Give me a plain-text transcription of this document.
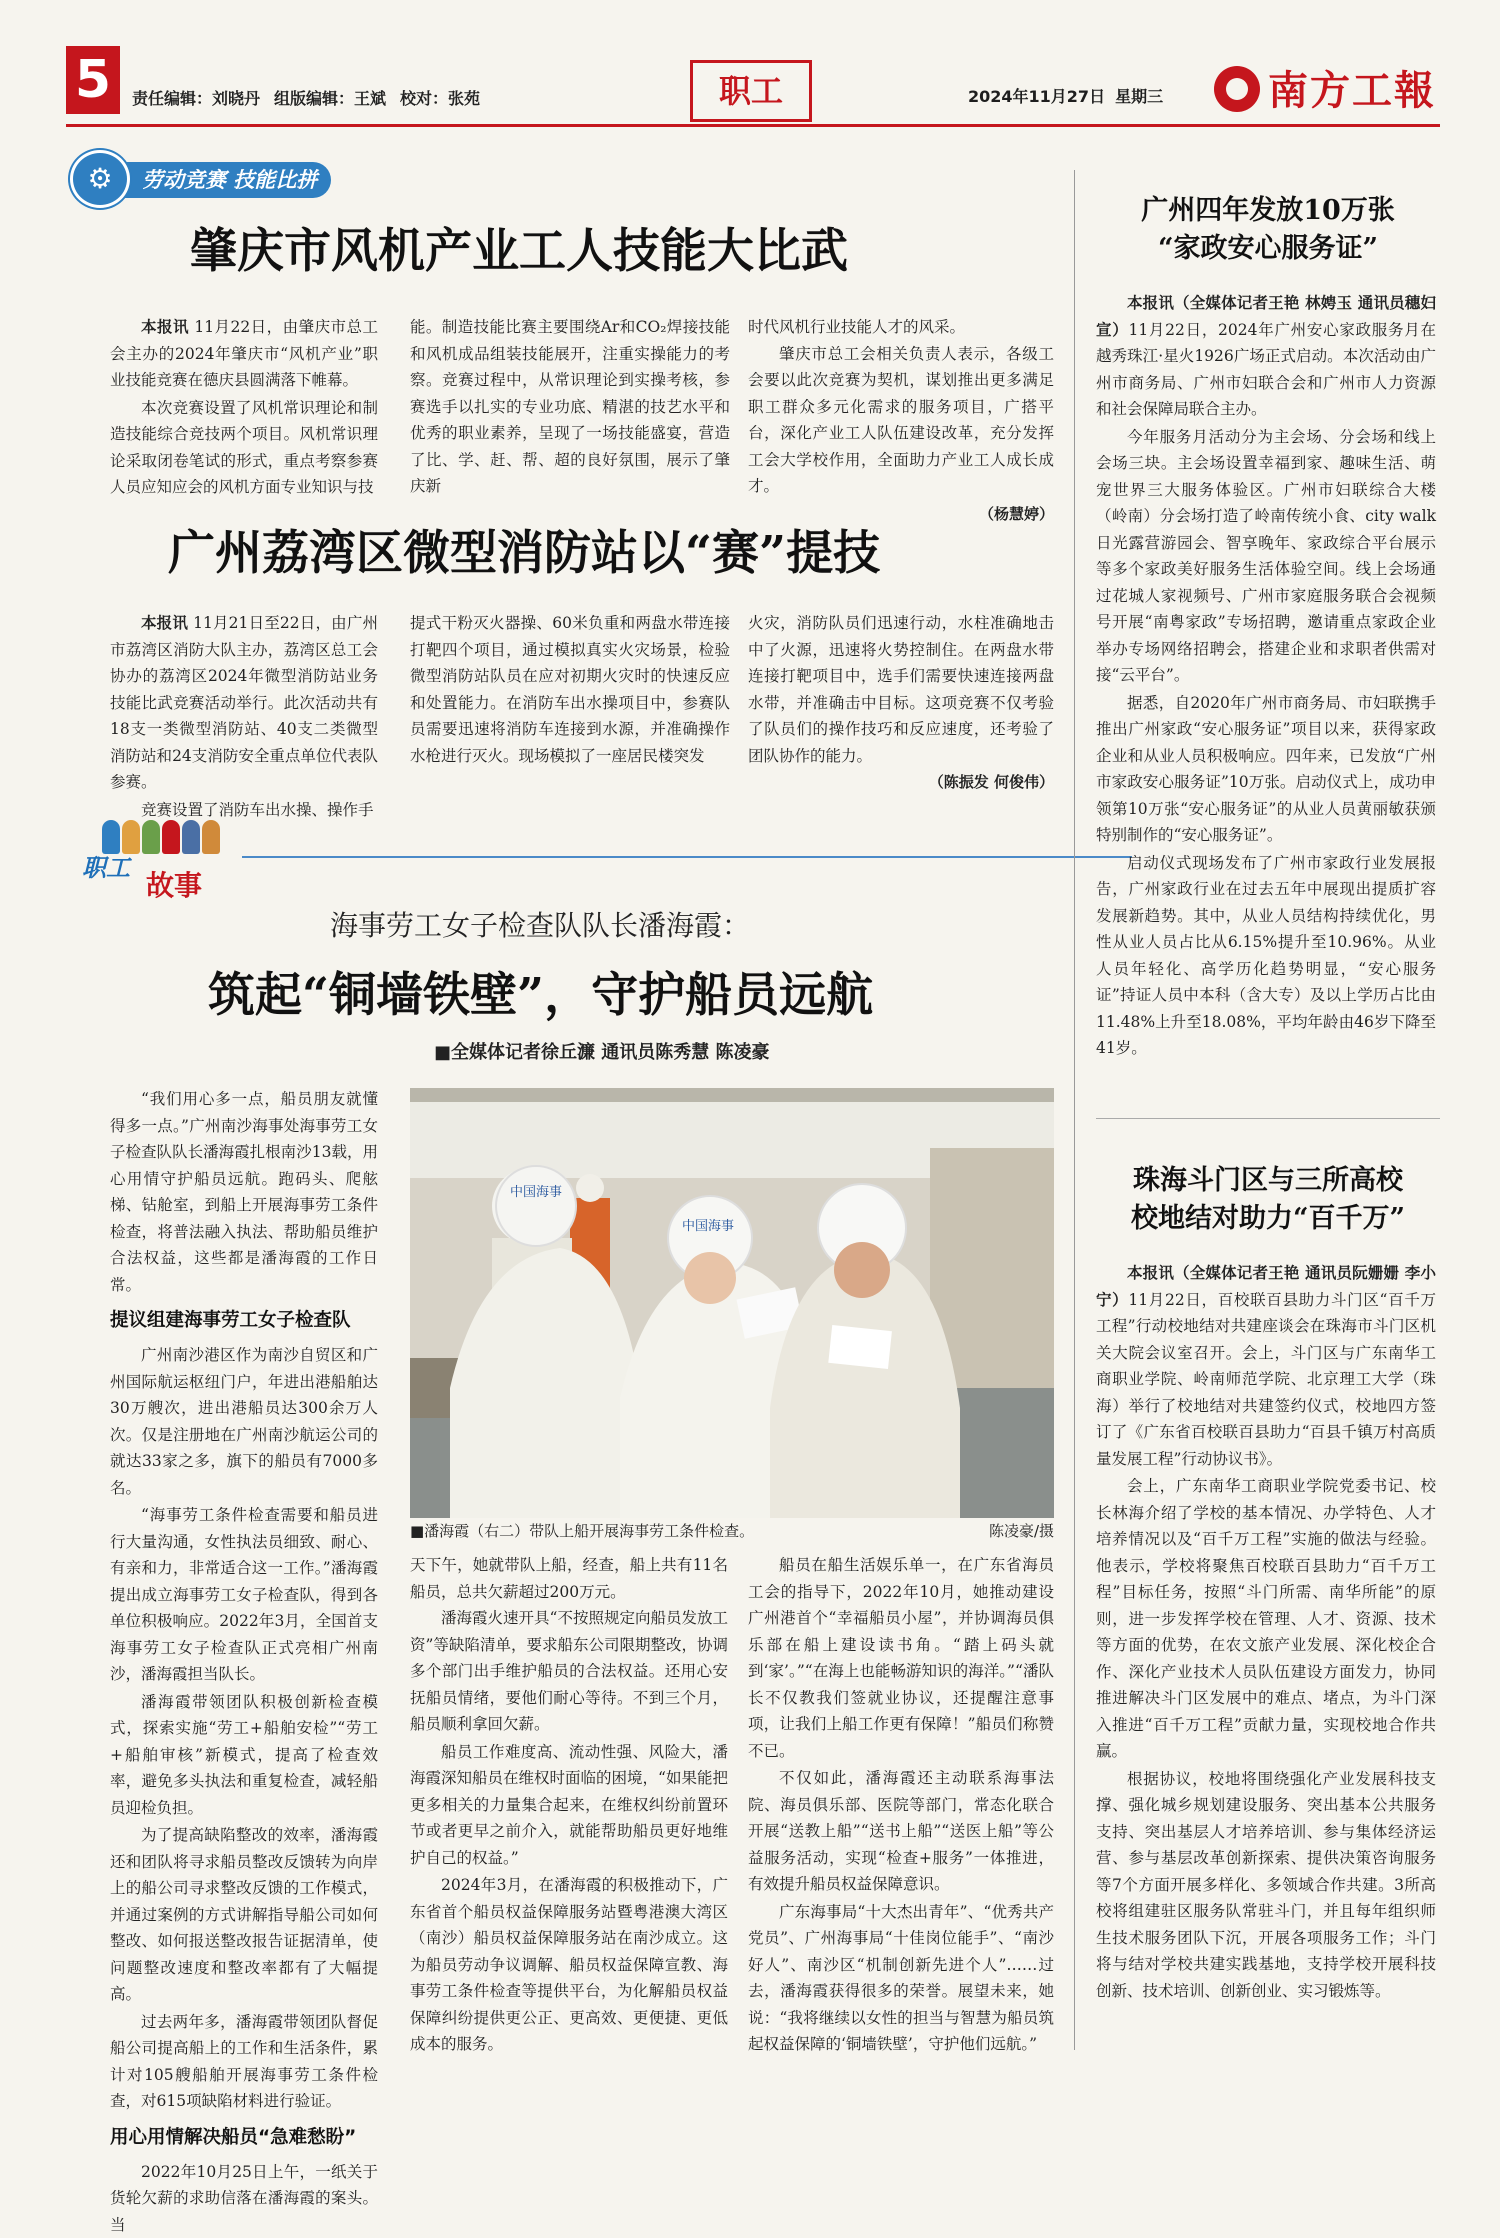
5	责任编辑：刘晓丹 组版编辑：王斌 校对：张苑	职工	2024年11月27日 星期三	南方工報
劳动竞赛 技能比拼
⚙
肇庆市风机产业工人技能大比武

本报讯 11月22日，由肇庆市总工会主办的2024年肇庆市“风机产业”职业技能竞赛在德庆县圆满落下帷幕。

本次竞赛设置了风机常识理论和制造技能综合竞技两个项目。风机常识理论采取闭卷笔试的形式，重点考察参赛人员应知应会的风机方面专业知识与技

能。制造技能比赛主要围绕Ar和CO₂焊接技能和风机成品组装技能展开，注重实操能力的考察。竞赛过程中，从常识理论到实操考核，参赛选手以扎实的专业功底、精湛的技艺水平和优秀的职业素养，呈现了一场技能盛宴，营造了比、学、赶、帮、超的良好氛围，展示了肇庆新

时代风机行业技能人才的风采。

肇庆市总工会相关负责人表示，各级工会要以此次竞赛为契机，谋划推出更多满足职工群众多元化需求的服务项目，广搭平台，深化产业工人队伍建设改革，充分发挥工会大学校作用，全面助力产业工人成长成才。

（杨慧婷）
广州荔湾区微型消防站以“赛”提技

本报讯 11月21日至22日，由广州市荔湾区消防大队主办，荔湾区总工会协办的荔湾区2024年微型消防站业务技能比武竞赛活动举行。此次活动共有18支一类微型消防站、40支二类微型消防站和24支消防安全重点单位代表队参赛。

竞赛设置了消防车出水操、操作手

提式干粉灭火器操、60米负重和两盘水带连接打靶四个项目，通过模拟真实火灾场景，检验微型消防站队员在应对初期火灾时的快速反应和处置能力。在消防车出水操项目中，参赛队员需要迅速将消防车连接到水源，并准确操作水枪进行灭火。现场模拟了一座居民楼突发

火灾，消防队员们迅速行动，水柱准确地击中了火源，迅速将火势控制住。在两盘水带连接打靶项目中，选手们需要快速连接两盘水带，并准确击中目标。这项竞赛不仅考验了队员们的操作技巧和反应速度，还考验了团队协作的能力。

（陈振发 何俊伟）
职工
故事
海事劳工女子检查队队长潘海霞：
筑起“铜墙铁壁”，守护船员远航
■全媒体记者徐丘濂 通讯员陈秀慧 陈凌豪

“我们用心多一点，船员朋友就懂得多一点。”广州南沙海事处海事劳工女子检查队队长潘海霞扎根南沙13载，用心用情守护船员远航。跑码头、爬舷梯、钻舱室，到船上开展海事劳工条件检查，将普法融入执法、帮助船员维护合法权益，这些都是潘海霞的工作日常。

提议组建海事劳工女子检查队

广州南沙港区作为南沙自贸区和广州国际航运枢纽门户，年进出港船舶达30万艘次，进出港船员达300余万人次。仅是注册地在广州南沙航运公司的就达33家之多，旗下的船员有7000多名。

“海事劳工条件检查需要和船员进行大量沟通，女性执法员细致、耐心、有亲和力，非常适合这一工作。”潘海霞提出成立海事劳工女子检查队，得到各单位积极响应。2022年3月，全国首支海事劳工女子检查队正式亮相广州南沙，潘海霞担当队长。

潘海霞带领团队积极创新检查模式，探索实施“劳工+船舶安检”“劳工+船舶审核”新模式，提高了检查效率，避免多头执法和重复检查，减轻船员迎检负担。

为了提高缺陷整改的效率，潘海霞还和团队将寻求船员整改反馈转为向岸上的船公司寻求整改反馈的工作模式，并通过案例的方式讲解指导船公司如何整改、如何报送整改报告证据清单，使问题整改速度和整改率都有了大幅提高。

过去两年多，潘海霞带领团队督促船公司提高船上的工作和生活条件，累计对105艘船舶开展海事劳工条件检查，对615项缺陷材料进行验证。

用心用情解决船员“急难愁盼”

2022年10月25日上午，一纸关于货轮欠薪的求助信落在潘海霞的案头。当

中国海事
中国海事
■潘海霞（右二）带队上船开展海事劳工条件检查。	陈凌豪/摄

天下午，她就带队上船，经查，船上共有11名船员，总共欠薪超过200万元。

潘海霞火速开具“不按照规定向船员发放工资”等缺陷清单，要求船东公司限期整改，协调多个部门出手维护船员的合法权益。还用心安抚船员情绪，要他们耐心等待。不到三个月，船员顺利拿回欠薪。

船员工作难度高、流动性强、风险大，潘海霞深知船员在维权时面临的困境，“如果能把更多相关的力量集合起来，在维权纠纷前置环节或者更早之前介入，就能帮助船员更好地维护自己的权益。”

2024年3月，在潘海霞的积极推动下，广东省首个船员权益保障服务站暨粤港澳大湾区（南沙）船员权益保障服务站在南沙成立。这为船员劳动争议调解、船员权益保障宣教、海事劳工条件检查等提供平台，为化解船员权益保障纠纷提供更公正、更高效、更便捷、更低成本的服务。

船员在船生活娱乐单一，在广东省海员工会的指导下，2022年10月，她推动建设广州港首个“幸福船员小屋”，并协调海员俱乐部在船上建设读书角。“踏上码头就到‘家’。”“在海上也能畅游知识的海洋。”“潘队长不仅教我们签就业协议，还提醒注意事项，让我们上船工作更有保障！”船员们称赞不已。

不仅如此，潘海霞还主动联系海事法院、海员俱乐部、医院等部门，常态化联合开展“送教上船”“送书上船”“送医上船”等公益服务活动，实现“检查+服务”一体推进，有效提升船员权益保障意识。

广东海事局“十大杰出青年”、“优秀共产党员”、广州海事局“十佳岗位能手”、“南沙好人”、南沙区“机制创新先进个人”……过去，潘海霞获得很多的荣誉。展望未来，她说：“我将继续以女性的担当与智慧为船员筑起权益保障的‘铜墙铁壁’，守护他们远航。”

广州四年发放10万张
“家政安心服务证”

本报讯（全媒体记者王艳 林娉玉 通讯员穗妇宣）11月22日，2024年广州安心家政服务月在越秀珠江·星火1926广场正式启动。本次活动由广州市商务局、广州市妇联合会和广州市人力资源和社会保障局联合主办。

今年服务月活动分为主会场、分会场和线上会场三块。主会场设置幸福到家、趣味生活、萌宠世界三大服务体验区。广州市妇联综合大楼（岭南）分会场打造了岭南传统小食、city walk日光露营游园会、智享晚年、家政综合平台展示等多个家政美好服务生活体验空间。线上会场通过花城人家视频号、广州市家庭服务联合会视频号开展“南粤家政”专场招聘，邀请重点家政企业举办专场网络招聘会，搭建企业和求职者供需对接“云平台”。

据悉，自2020年广州市商务局、市妇联携手推出广州家政“安心服务证”项目以来，获得家政企业和从业人员积极响应。四年来，已发放“广州市家政安心服务证”10万张。启动仪式上，成功申领第10万张“安心服务证”的从业人员黄丽敏获颁特别制作的“安心服务证”。

启动仪式现场发布了广州市家政行业发展报告，广州家政行业在过去五年中展现出提质扩容发展新趋势。其中，从业人员结构持续优化，男性从业人员占比从6.15%提升至10.96%。从业人员年轻化、高学历化趋势明显，“安心服务证”持证人员中本科（含大专）及以上学历占比由11.48%上升至18.08%，平均年龄由46岁下降至41岁。

珠海斗门区与三所高校
校地结对助力“百千万”

本报讯（全媒体记者王艳 通讯员阮姗姗 李小宁）11月22日，百校联百县助力斗门区“百千万工程”行动校地结对共建座谈会在珠海市斗门区机关大院会议室召开。会上，斗门区与广东南华工商职业学院、岭南师范学院、北京理工大学（珠海）举行了校地结对共建签约仪式，校地四方签订了《广东省百校联百县助力“百县千镇万村高质量发展工程”行动协议书》。

会上，广东南华工商职业学院党委书记、校长林海介绍了学校的基本情况、办学特色、人才培养情况以及“百千万工程”实施的做法与经验。他表示，学校将聚焦百校联百县助力“百千万工程”目标任务，按照“斗门所需、南华所能”的原则，进一步发挥学校在管理、人才、资源、技术等方面的优势，在农文旅产业发展、深化校企合作、深化产业技术人员队伍建设方面发力，协同推进解决斗门区发展中的难点、堵点，为斗门深入推进“百千万工程”贡献力量，实现校地合作共赢。

根据协议，校地将围绕强化产业发展科技支撑、强化城乡规划建设服务、突出基本公共服务支持、突出基层人才培养培训、参与集体经济运营、参与基层改革创新探索、提供决策咨询服务等7个方面开展多样化、多领域合作共建。3所高校将组建驻区服务队常驻斗门，并且每年组织师生技术服务团队下沉，开展各项服务工作；斗门将与结对学校共建实践基地，支持学校开展科技创新、技术培训、创新创业、实习锻炼等。
